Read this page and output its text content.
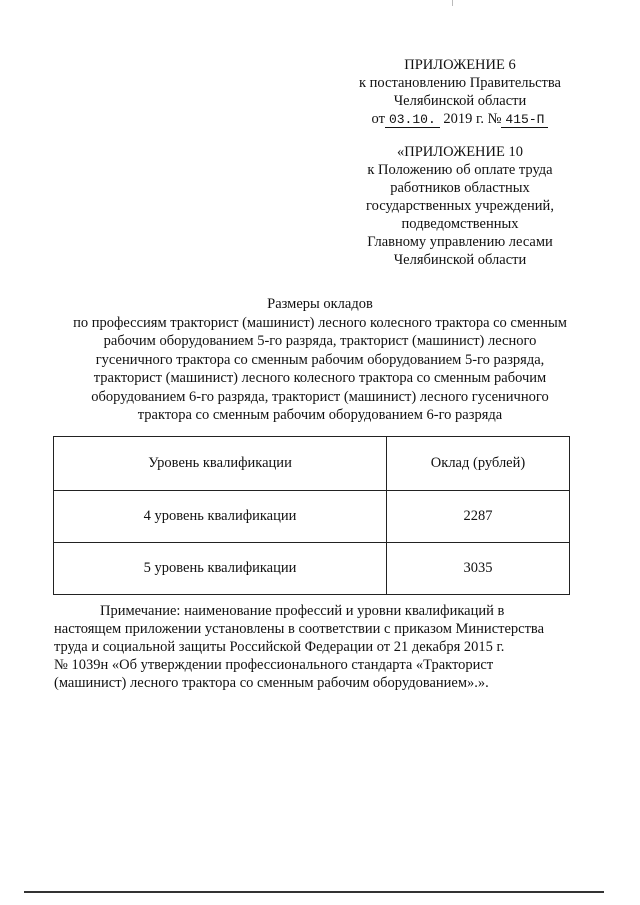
ПРИЛОЖЕНИЕ 6
к постановлению Правительства
Челябинской области
от 03.10. 2019 г. № 415-П
«ПРИЛОЖЕНИЕ 10
к Положению об оплате труда
работников областных
государственных учреждений,
подведомственных
Главному управлению лесами
Челябинской области
Размеры окладов
по профессиям тракторист (машинист) лесного колесного трактора со сменным
рабочим оборудованием 5-го разряда, тракторист (машинист) лесного
гусеничного трактора со сменным рабочим оборудованием 5-го разряда,
тракторист (машинист) лесного колесного трактора со сменным рабочим
оборудованием 6-го разряда, тракторист (машинист) лесного гусеничного
трактора со сменным рабочим оборудованием 6-го разряда
Уровень квалификации	Оклад (рублей)
4 уровень квалификации	2287
5 уровень квалификации	3035
Примечание: наименование профессий и уровни квалификаций в
настоящем приложении установлены в соответствии с приказом Министерства
труда и социальной защиты Российской Федерации от 21 декабря 2015 г.
№ 1039н «Об утверждении профессионального стандарта «Тракторист
(машинист) лесного трактора со сменным рабочим оборудованием».».
